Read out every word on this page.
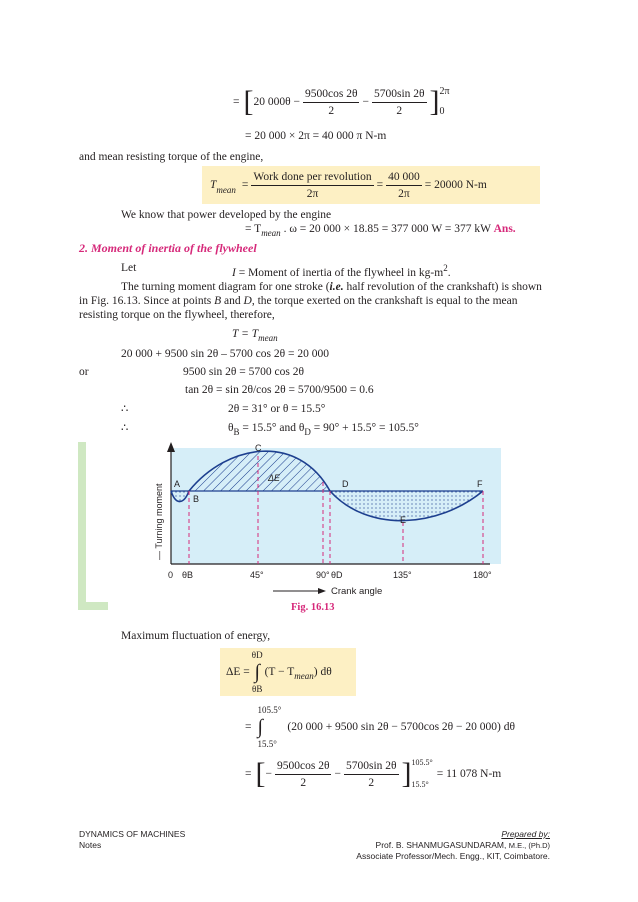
= [ 20 $000\theta - \frac{9500\cos 2\theta}{2} - \frac{5700\sin 2\theta}{2}$ ] 2π
0
= 20 000 × 2π = 40 000 π N-m
and mean resisting torque of the engine,
T mean = $\frac{\text{Work done per revolution}}{2\pi} = \frac{40 000}{2\pi} = 20000$ N-m
We know that power developed by the engine
= $T_{mean}$ . ω = 20 000 × 18.85 = 377 000 W = 377 kW Ans.
2. Moment of inertia of the flywheel
Let	I = Moment of inertia of the flywheel in $kg-m^2$.
The turning moment diagram for one stroke (i.e. half revolution of the crankshaft) is shown
in Fig. 16.13. Since at points B and D, the torque exerted on the crankshaft is equal to the mean
resisting torque on the flywheel, therefore,
$T = T_{mean}$
20 000 + 9500 sin 2θ – 5700 cos 2θ = 20 000
or	9500 sin 2θ = 5700 cos 2θ
tan 2θ = sin 2θ/cos 2θ = 5700/9500 = 0.6
∴	2θ = 31° or θ = 15.5°
∴	$\theta_B = 15.5^\circ$ and $\theta_D = 90^\circ + 15.5^\circ = 105.5^\circ$
A
B
C
D
E
F
ΔE
— Turning moment
0 θB	45°	90° θD	135°	180°
Crank angle
Fig. 16.13
Maximum fluctuation of energy,
ΔE =
θD
∫
θB
(T − T mean ) dθ
=
105.5°
∫
15.5°
(20 000 + 9500 sin 2θ − 5700cos 2θ − 20 000) dθ
= [ − $\frac{9500\cos 2\theta}{2} - \frac{5700\sin 2\theta}{2}$ ] 105.5°
15.5°
= 11 078 N-m
DYNAMICS OF MACHINES
Notes
Prepared by:
Prof. B. SHANMUGASUNDARAM, M.E., (Ph.D)
Associate Professor/Mech. Engg., KIT, Coimbatore.
